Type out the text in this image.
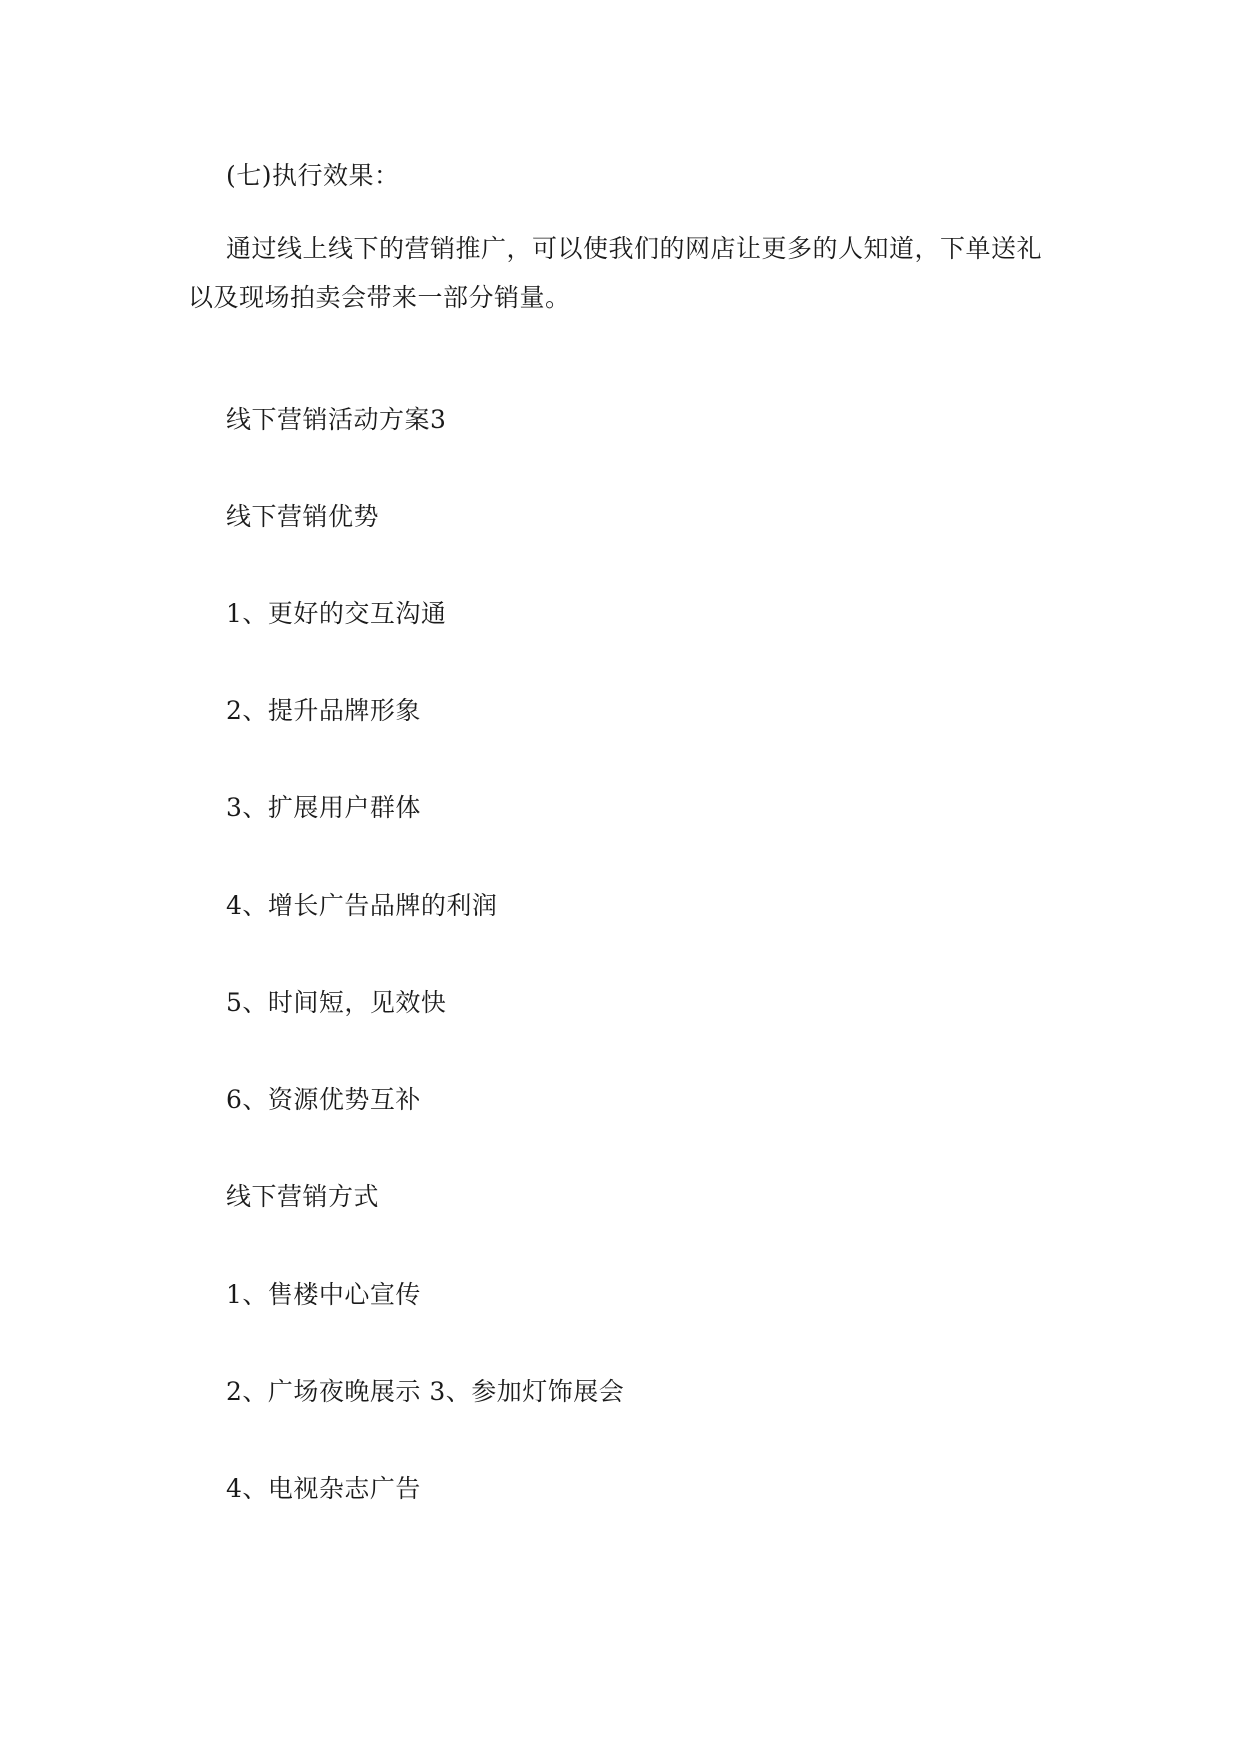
(七)执行效果：
通过线上线下的营销推广，可以使我们的网店让更多的人知道，下单送礼以及现场拍卖会带来一部分销量。
线下营销活动方案3
线下营销优势
1、更好的交互沟通
2、提升品牌形象
3、扩展用户群体
4、增长广告品牌的利润
5、时间短，见效快
6、资源优势互补
线下营销方式
1、售楼中心宣传
2、广场夜晚展示 3、参加灯饰展会
4、电视杂志广告
